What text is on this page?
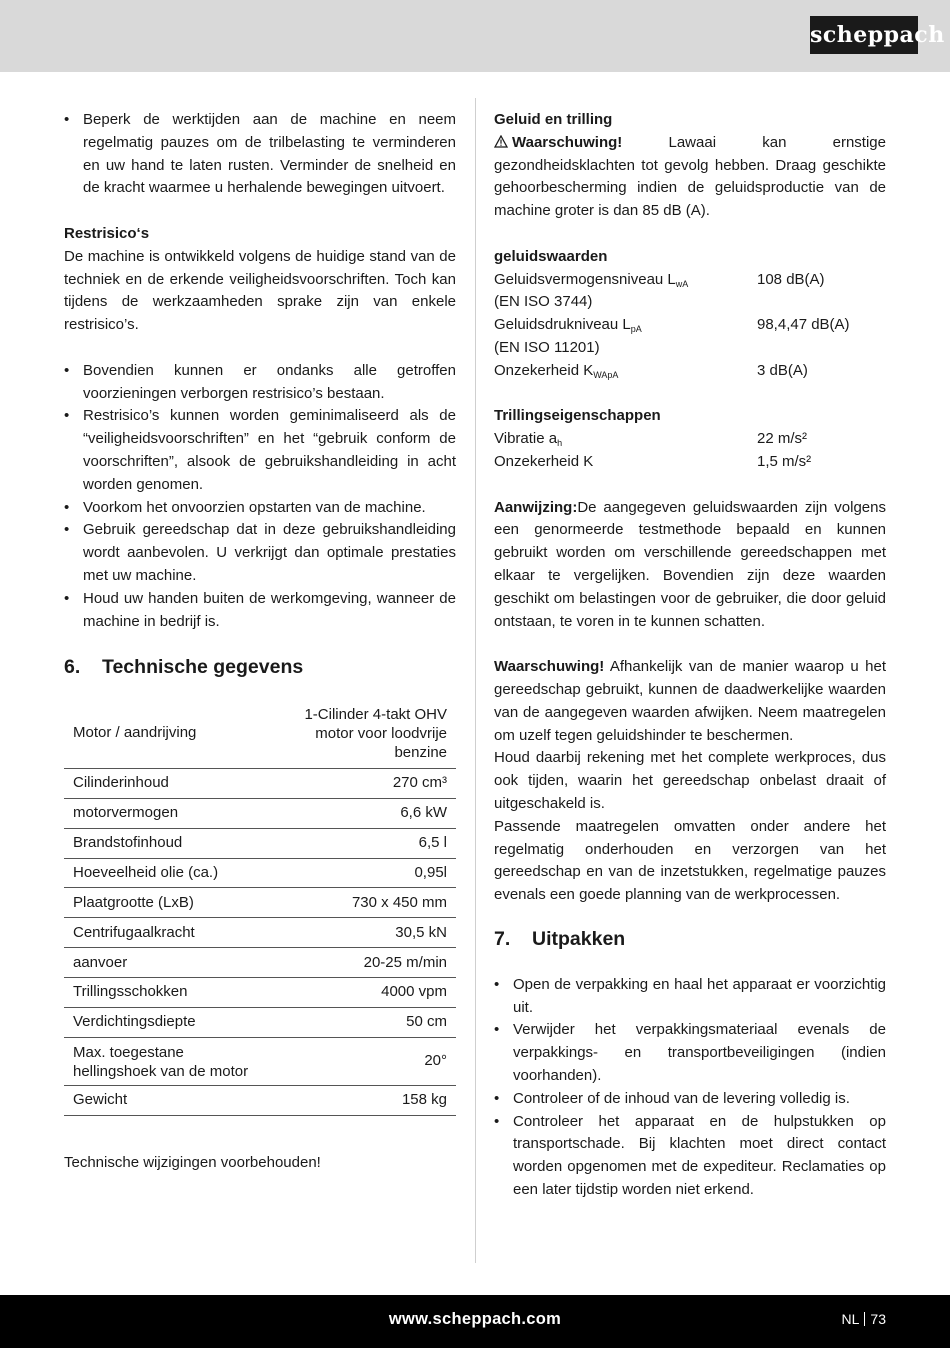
scheppach
• Beperk de werktijden aan de machine en neem regelmatig pauzes om de trilbelasting te verminderen en uw hand te laten rusten. Verminder de snelheid en de kracht waarmee u herhalende bewegingen uitvoert.

Restrisico‘s

De machine is ontwikkeld volgens de huidige stand van de techniek en de erkende veiligheidsvoorschriften. Toch kan tijdens de werkzaamheden sprake zijn van enkele restrisico’s.

• Bovendien kunnen er ondanks alle getroffen voorzieningen verborgen restrisico’s bestaan.
• Restrisico’s kunnen worden geminimaliseerd als de “veiligheidsvoorschriften” en het “gebruik conform de voorschriften”, alsook de gebruikshandleiding in acht worden genomen.
• Voorkom het onvoorzien opstarten van de machine.
• Gebruik gereedschap dat in deze gebruikshandleiding wordt aanbevolen. U verkrijgt dan optimale prestaties met uw machine.
• Houd uw handen buiten de werkomgeving, wanneer de machine in bedrijf is.
6.	Technische gegevens
Motor / aandrijving	1-Cilinder 4-takt OHV motor voor loodvrije benzine
Cilinderinhoud	270 cm³
motorvermogen	6,6 kW
Brandstofinhoud	6,5 l
Hoeveelheid olie (ca.)	0,95l
Plaatgrootte (LxB)	730 x 450 mm
Centrifugaalkracht	30,5 kN
aanvoer	20-25 m/min
Trillingsschokken	4000 vpm
Verdichtingsdiepte	50 cm
Max. toegestane hellingshoek van de motor	20°
Gewicht	158 kg

Technische wijzigingen voorbehouden!

Geluid en trilling

Waarschuwing! Lawaai kan ernstige gezondheidsklachten tot gevolg hebben. Draag geschikte gehoorbescherming indien de geluidsproductie van de machine groter is dan 85 dB (A).

geluidswaarden

Geluidsvermogensniveau $L_{wA}$	108 dB(A)

(EN ISO 3744)

Geluidsdrukniveau $L_{pA}$	98,4,47 dB(A)

(EN ISO 11201)

Onzekerheid $K_{WApA}$	3 dB(A)

Trillingseigenschappen

Vibratie $a_h$	22 m/s²
Onzekerheid K	1,5 m/s²

Aanwijzing:De aangegeven geluidswaarden zijn volgens een genormeerde testmethode bepaald en kunnen gebruikt worden om verschillende gereedschappen met elkaar te vergelijken. Bovendien zijn deze waarden geschikt om belastingen voor de gebruiker, die door geluid ontstaan, te voren in te kunnen schatten.

Waarschuwing! Afhankelijk van de manier waarop u het gereedschap gebruikt, kunnen de daadwerkelijke waarden van de aangegeven waarden afwijken. Neem maatregelen om uzelf tegen geluidshinder te beschermen.

Houd daarbij rekening met het complete werkproces, dus ook tijden, waarin het gereedschap onbelast draait of uitgeschakeld is.

Passende maatregelen omvatten onder andere het regelmatig onderhouden en verzorgen van het gereedschap en van de inzetstukken, regelmatige pauzes evenals een goede planning van de werkprocessen.

7.	Uitpakken
• Open de verpakking en haal het apparaat er voorzichtig uit.
• Verwijder het verpakkingsmateriaal evenals de verpakkings- en transportbeveiligingen (indien voorhanden).
• Controleer of de inhoud van de levering volledig is.
• Controleer het apparaat en de hulpstukken op transportschade. Bij klachten moet direct contact worden opgenomen met de expediteur. Reclamaties op een later tijdstip worden niet erkend.
www.scheppach.com	NL 73
